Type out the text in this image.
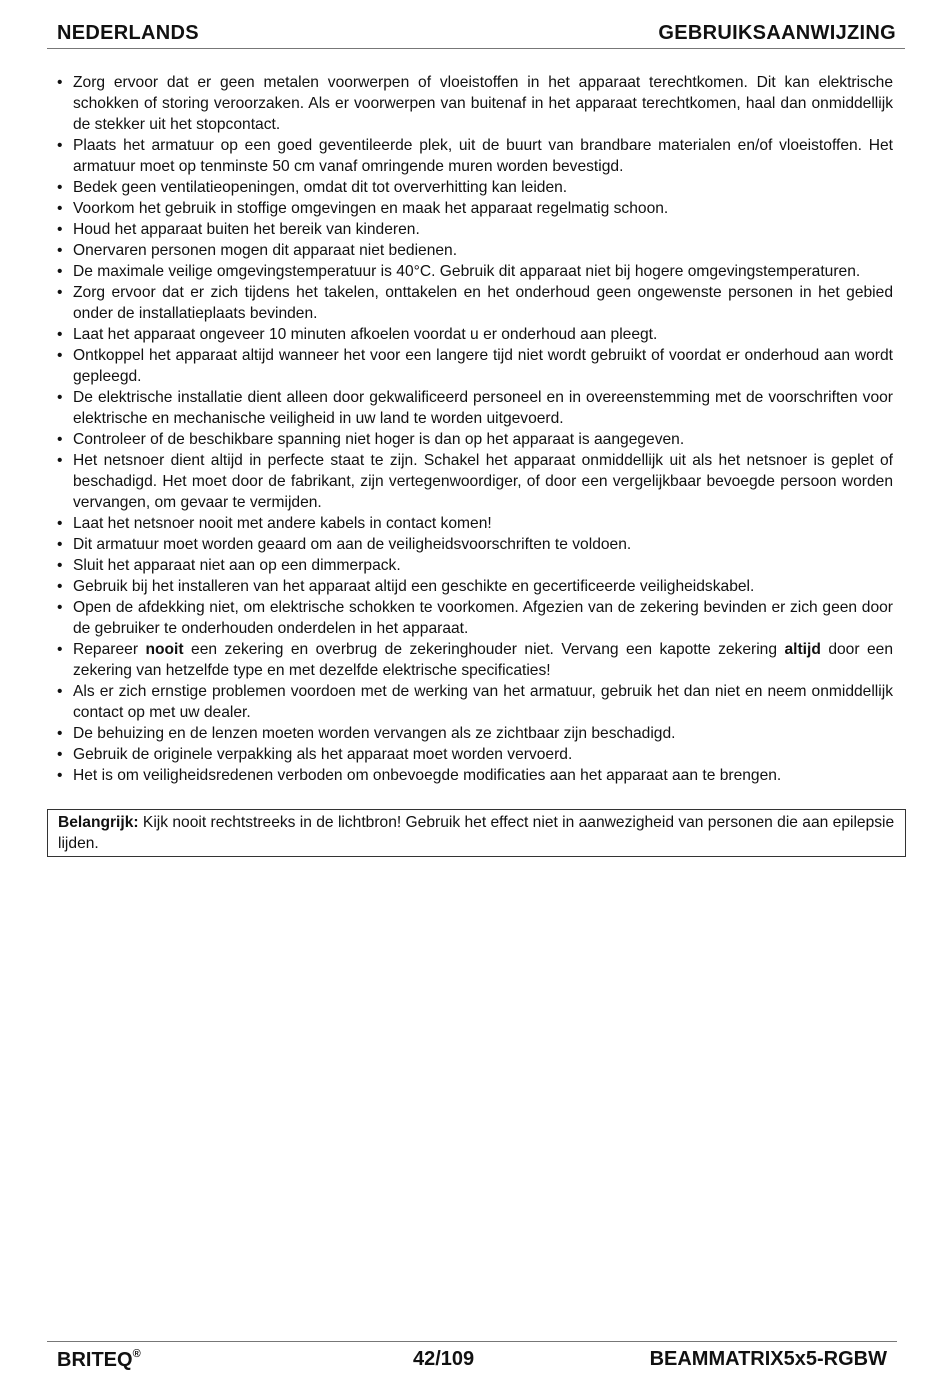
NEDERLANDS	GEBRUIKSAANWIJZING
• Zorg ervoor dat er geen metalen voorwerpen of vloeistoffen in het apparaat terechtkomen. Dit kan elektrische schokken of storing veroorzaken. Als er voorwerpen van buitenaf in het apparaat terechtkomen, haal dan onmiddellijk de stekker uit het stopcontact.
• Plaats het armatuur op een goed geventileerde plek, uit de buurt van brandbare materialen en/of vloeistoffen. Het armatuur moet op tenminste 50 cm vanaf omringende muren worden bevestigd.
• Bedek geen ventilatieopeningen, omdat dit tot oververhitting kan leiden.
• Voorkom het gebruik in stoffige omgevingen en maak het apparaat regelmatig schoon.
• Houd het apparaat buiten het bereik van kinderen.
• Onervaren personen mogen dit apparaat niet bedienen.
• De maximale veilige omgevingstemperatuur is 40°C. Gebruik dit apparaat niet bij hogere omgevingstemperaturen.
• Zorg ervoor dat er zich tijdens het takelen, onttakelen en het onderhoud geen ongewenste personen in het gebied onder de installatieplaats bevinden.
• Laat het apparaat ongeveer 10 minuten afkoelen voordat u er onderhoud aan pleegt.
• Ontkoppel het apparaat altijd wanneer het voor een langere tijd niet wordt gebruikt of voordat er onderhoud aan wordt gepleegd.
• De elektrische installatie dient alleen door gekwalificeerd personeel en in overeenstemming met de voorschriften voor elektrische en mechanische veiligheid in uw land te worden uitgevoerd.
• Controleer of de beschikbare spanning niet hoger is dan op het apparaat is aangegeven.
• Het netsnoer dient altijd in perfecte staat te zijn. Schakel het apparaat onmiddellijk uit als het netsnoer is geplet of beschadigd. Het moet door de fabrikant, zijn vertegenwoordiger, of door een vergelijkbaar bevoegde persoon worden vervangen, om gevaar te vermijden.
• Laat het netsnoer nooit met andere kabels in contact komen!
• Dit armatuur moet worden geaard om aan de veiligheidsvoorschriften te voldoen.
• Sluit het apparaat niet aan op een dimmerpack.
• Gebruik bij het installeren van het apparaat altijd een geschikte en gecertificeerde veiligheidskabel.
• Open de afdekking niet, om elektrische schokken te voorkomen. Afgezien van de zekering bevinden er zich geen door de gebruiker te onderhouden onderdelen in het apparaat.
• Repareer nooit een zekering en overbrug de zekeringhouder niet. Vervang een kapotte zekering altijd door een zekering van hetzelfde type en met dezelfde elektrische specificaties!
• Als er zich ernstige problemen voordoen met de werking van het armatuur, gebruik het dan niet en neem onmiddellijk contact op met uw dealer.
• De behuizing en de lenzen moeten worden vervangen als ze zichtbaar zijn beschadigd.
• Gebruik de originele verpakking als het apparaat moet worden vervoerd.
• Het is om veiligheidsredenen verboden om onbevoegde modificaties aan het apparaat aan te brengen.
Belangrijk: Kijk nooit rechtstreeks in de lichtbron! Gebruik het effect niet in aanwezigheid van personen die aan epilepsie lijden.
BRITEQ®	42/109	BEAMMATRIX5x5-RGBW
